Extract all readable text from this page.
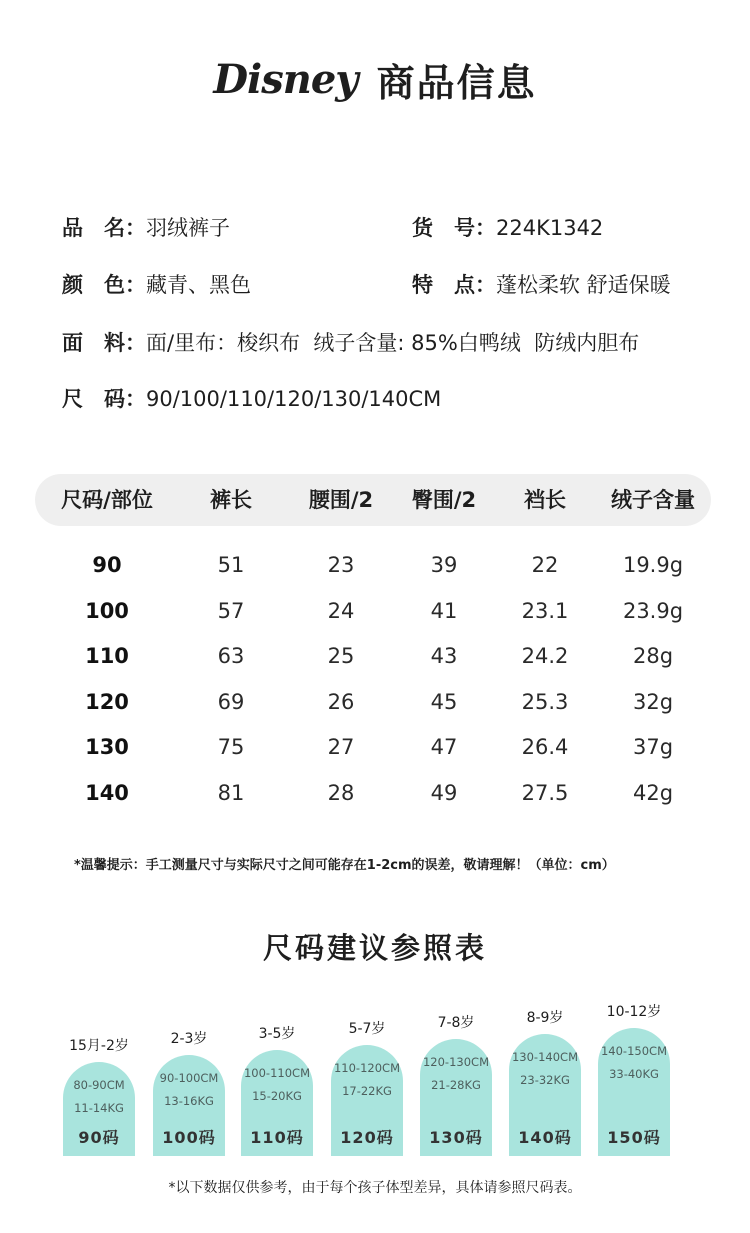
Disney 商品信息
品　名：羽绒裤子	货　号：224K1342
颜　色：藏青、黑色	特　点：蓬松柔软 舒适保暖
面　料：面/里布：梭织布  绒子含量: 85%白鸭绒  防绒内胆布
尺　码：90/100/110/120/130/140CM
尺码/部位	裤长	腰围/2 臀围/2 裆长 绒子含量
90	51	23	39	22	19.9g
100	57	24	41	23.1	23.9g
110	63	25	43	24.2	28g
120	69	26	45	25.3	32g
130	75	27	47	26.4	37g
140	81	28	49	27.5	42g
*温馨提示：手工测量尺寸与实际尺寸之间可能存在1-2cm的误差，敬请理解！（单位：cm）
尺码建议参照表
15月-2岁
80-90CM
11-14KG
90码
2-3岁
90-100CM
13-16KG
100码
3-5岁
100-110CM
15-20KG
110码
5-7岁
110-120CM
17-22KG
120码
7-8岁
120-130CM
21-28KG
130码
8-9岁
130-140CM
23-32KG
140码
10-12岁
140-150CM
33-40KG
150码
*以下数据仅供参考，由于每个孩子体型差异，具体请参照尺码表。
